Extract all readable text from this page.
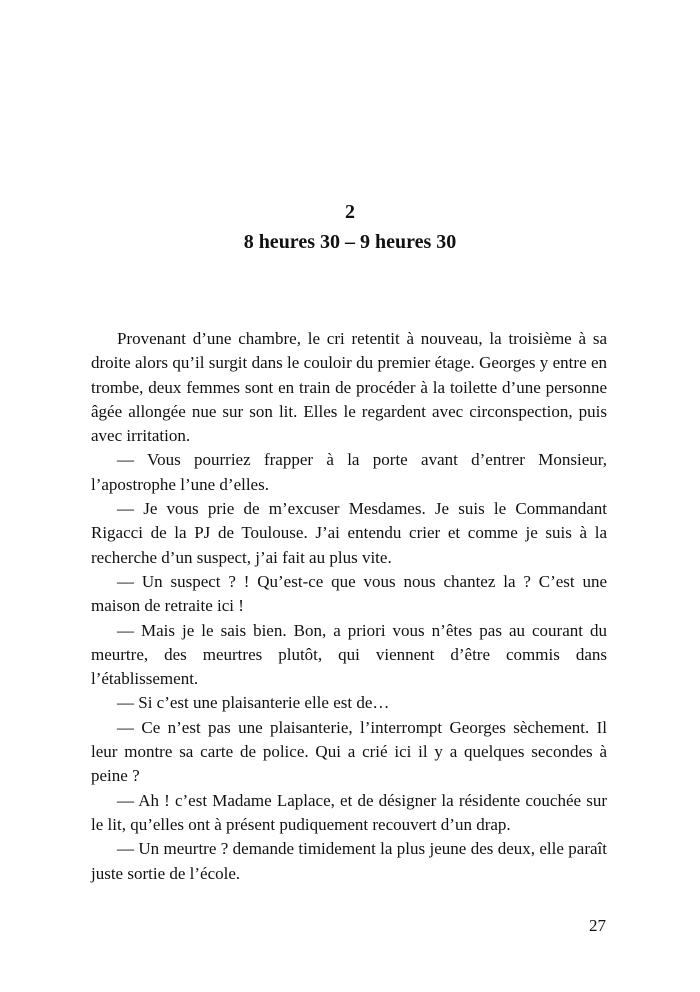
2
8 heures 30 – 9 heures 30

Provenant d’une chambre, le cri retentit à nouveau, la troisième à sa droite alors qu’il surgit dans le couloir du premier étage. Georges y entre en trombe, deux femmes sont en train de procéder à la toilette d’une personne âgée allongée nue sur son lit. Elles le regardent avec circonspection, puis avec irritation.

— Vous pourriez frapper à la porte avant d’entrer Monsieur, l’apostrophe l’une d’elles.

— Je vous prie de m’excuser Mesdames. Je suis le Commandant Rigacci de la PJ de Toulouse. J’ai entendu crier et comme je suis à la recherche d’un suspect, j’ai fait au plus vite.

— Un suspect ? ! Qu’est-ce que vous nous chantez la ? C’est une maison de retraite ici !

— Mais je le sais bien. Bon, a priori vous n’êtes pas au courant du meurtre, des meurtres plutôt, qui viennent d’être commis dans l’établissement.

— Si c’est une plaisanterie elle est de…

— Ce n’est pas une plaisanterie, l’interrompt Georges sèchement. Il leur montre sa carte de police. Qui a crié ici il y a quelques secondes à peine ?

— Ah ! c’est Madame Laplace, et de désigner la résidente couchée sur le lit, qu’elles ont à présent pudiquement recouvert d’un drap.

— Un meurtre ? demande timidement la plus jeune des deux, elle paraît juste sortie de l’école.

27
